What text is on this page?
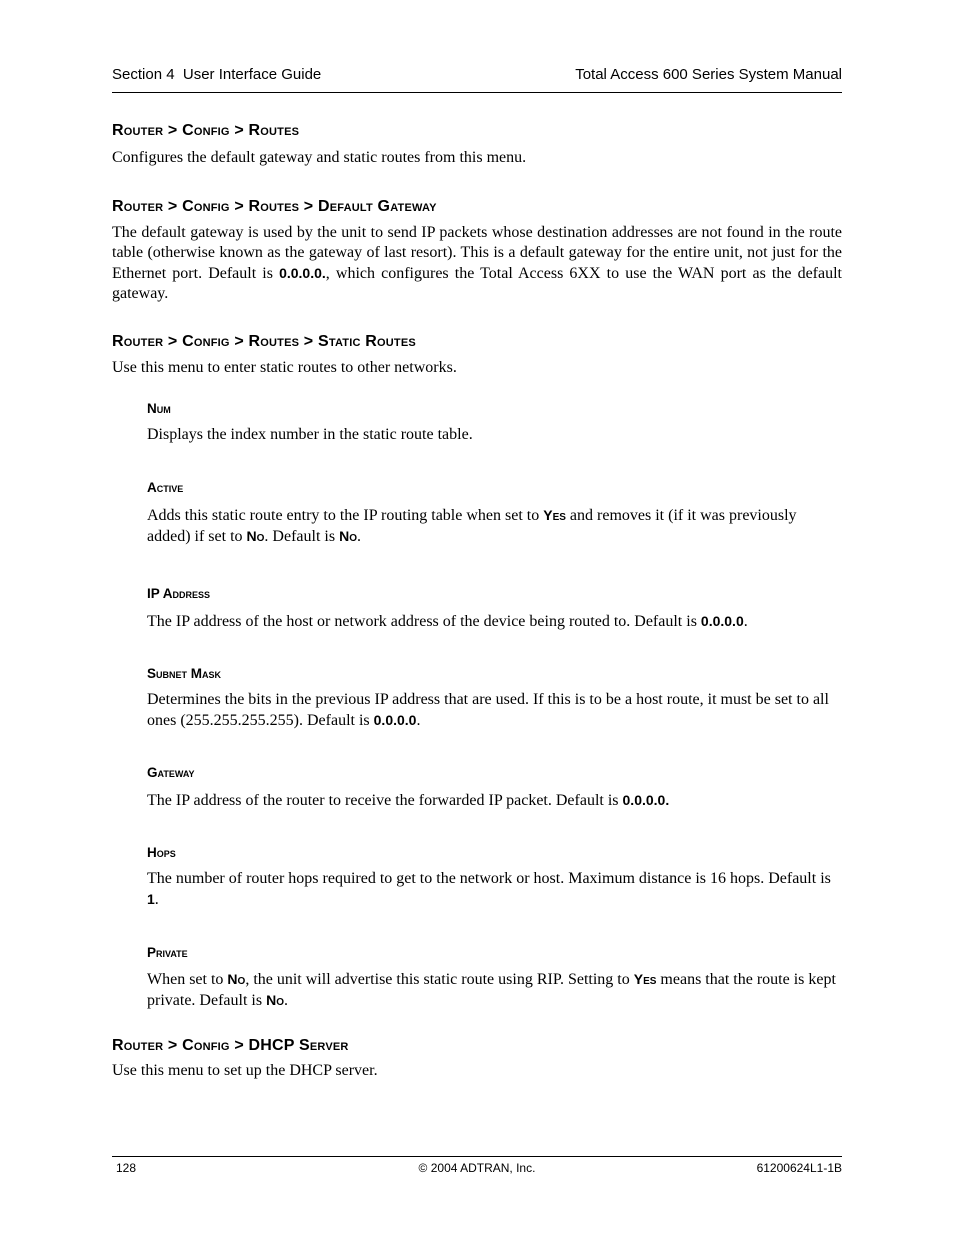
Section 4  User Interface Guide	Total Access 600 Series System Manual
Router > Config > Routes
Configures the default gateway and static routes from this menu.
Router > Config > Routes > Default Gateway
The default gateway is used by the unit to send IP packets whose destination addresses are not found in the route table (otherwise known as the gateway of last resort). This is a default gateway for the entire unit, not just for the Ethernet port. Default is 0.0.0.0., which configures the Total Access 6XX to use the WAN port as the default gateway.
Router > Config > Routes > Static Routes
Use this menu to enter static routes to other networks.
Num
Displays the index number in the static route table.
Active
Adds this static route entry to the IP routing table when set to Yes and removes it (if it was previously added) if set to No. Default is No.
IP Address
The IP address of the host or network address of the device being routed to. Default is 0.0.0.0.
Subnet Mask
Determines the bits in the previous IP address that are used. If this is to be a host route, it must be set to all ones (255.255.255.255). Default is 0.0.0.0.
Gateway
The IP address of the router to receive the forwarded IP packet. Default is 0.0.0.0.
Hops
The number of router hops required to get to the network or host. Maximum distance is 16 hops. Default is 1.
Private
When set to No, the unit will advertise this static route using RIP. Setting to Yes means that the route is kept private. Default is No.
Router > Config > DHCP Server
Use this menu to set up the DHCP server.
128	© 2004 ADTRAN, Inc.	61200624L1-1B
